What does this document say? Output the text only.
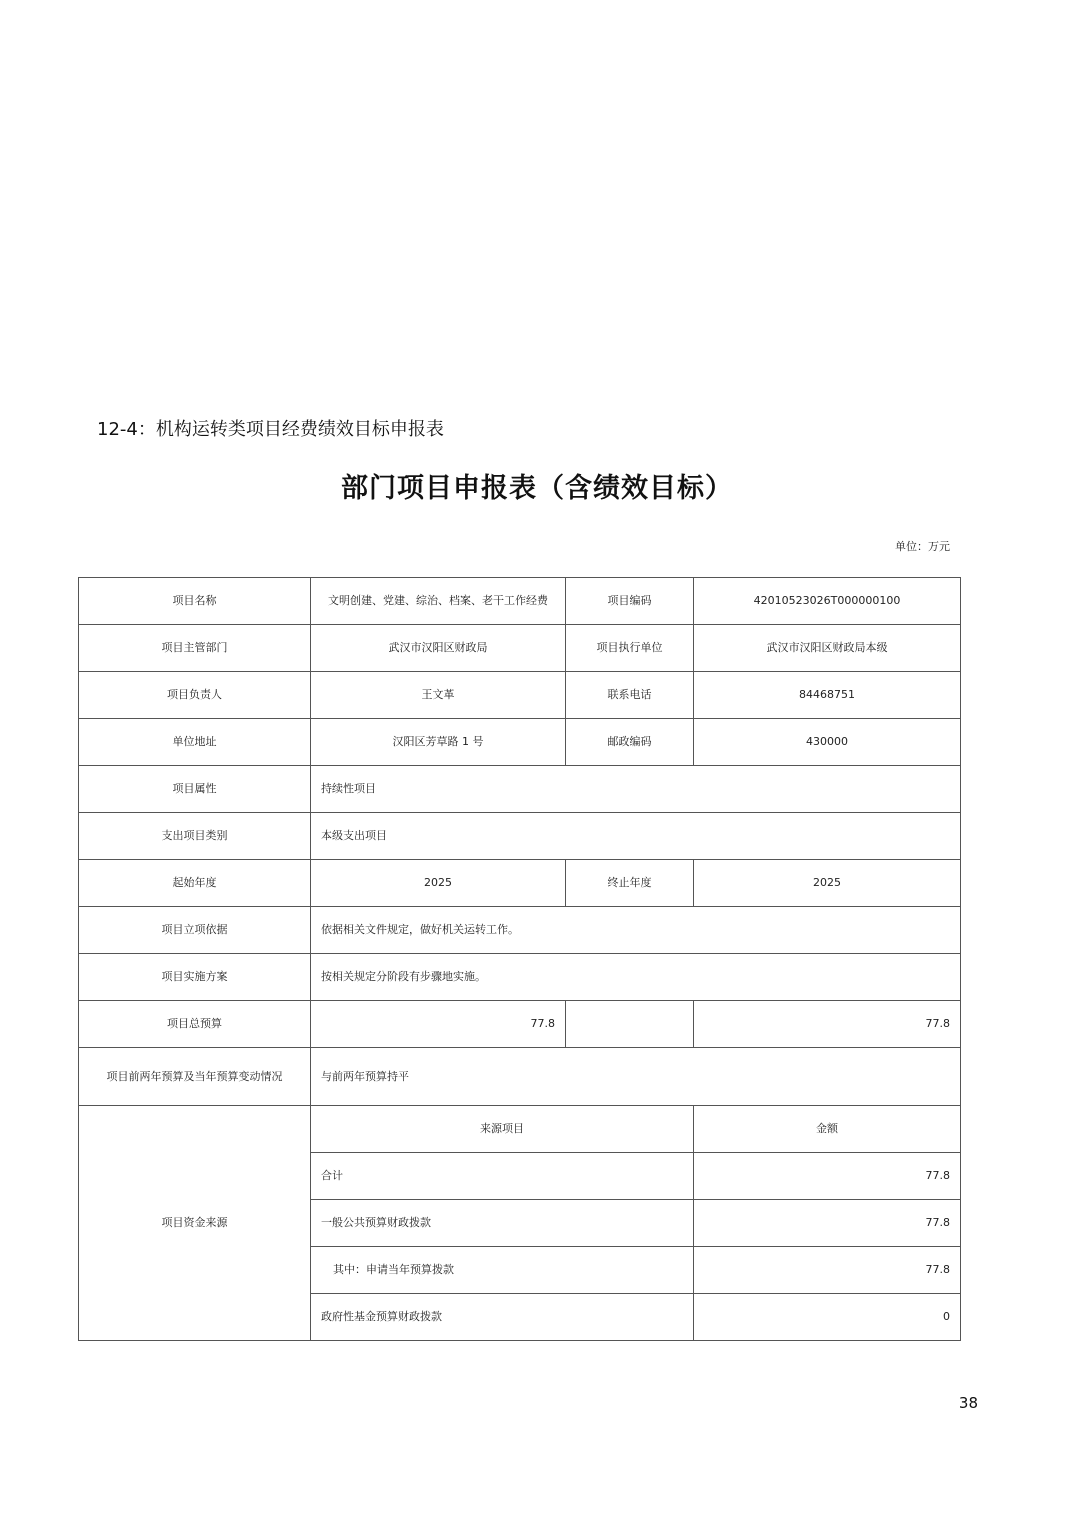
12-4：机构运转类项目经费绩效目标申报表
部门项目申报表（含绩效目标）
单位：万元
项目名称	文明创建、党建、综治、档案、老干工作经费	项目编码	42010523026T000000100
项目主管部门	武汉市汉阳区财政局	项目执行单位	武汉市汉阳区财政局本级
项目负责人	王文革	联系电话	84468751
单位地址	汉阳区芳草路 1 号	邮政编码	430000
项目属性	持续性项目		
支出项目类别	本级支出项目		
起始年度	2025	终止年度	2025
项目立项依据	依据相关文件规定，做好机关运转工作。		
项目实施方案	按相关规定分阶段有步骤地实施。		
项目总预算	77.8		77.8
项目前两年预算及当年预算变动情况	与前两年预算持平		
项目资金来源	来源项目		金额
	合计		77.8
	一般公共预算财政拨款		77.8
	其中：申请当年预算拨款		77.8
	政府性基金预算财政拨款		0
38
